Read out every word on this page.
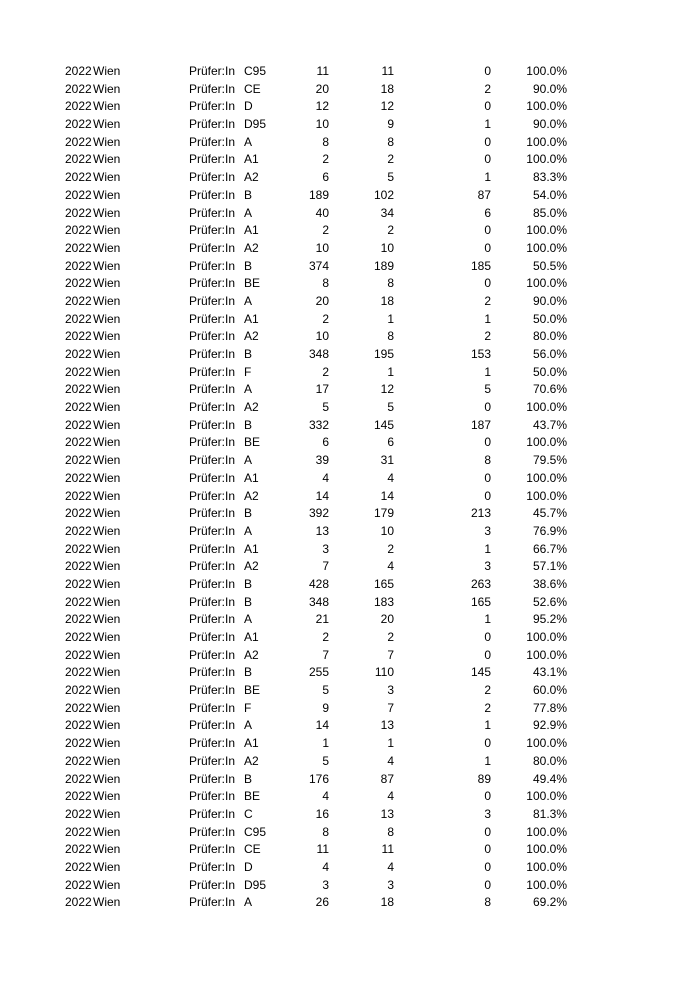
2022 Wien	Prüfer:In C95	11	11	0	100.0%
2022 Wien	Prüfer:In CE	20	18	2	90.0%
2022 Wien	Prüfer:In D	12	12	0	100.0%
2022 Wien	Prüfer:In D95	10	9	1	90.0%
2022 Wien	Prüfer:In A	8	8	0	100.0%
2022 Wien	Prüfer:In A1	2	2	0	100.0%
2022 Wien	Prüfer:In A2	6	5	1	83.3%
2022 Wien	Prüfer:In B	189	102	87	54.0%
2022 Wien	Prüfer:In A	40	34	6	85.0%
2022 Wien	Prüfer:In A1	2	2	0	100.0%
2022 Wien	Prüfer:In A2	10	10	0	100.0%
2022 Wien	Prüfer:In B	374	189	185	50.5%
2022 Wien	Prüfer:In BE	8	8	0	100.0%
2022 Wien	Prüfer:In A	20	18	2	90.0%
2022 Wien	Prüfer:In A1	2	1	1	50.0%
2022 Wien	Prüfer:In A2	10	8	2	80.0%
2022 Wien	Prüfer:In B	348	195	153	56.0%
2022 Wien	Prüfer:In F	2	1	1	50.0%
2022 Wien	Prüfer:In A	17	12	5	70.6%
2022 Wien	Prüfer:In A2	5	5	0	100.0%
2022 Wien	Prüfer:In B	332	145	187	43.7%
2022 Wien	Prüfer:In BE	6	6	0	100.0%
2022 Wien	Prüfer:In A	39	31	8	79.5%
2022 Wien	Prüfer:In A1	4	4	0	100.0%
2022 Wien	Prüfer:In A2	14	14	0	100.0%
2022 Wien	Prüfer:In B	392	179	213	45.7%
2022 Wien	Prüfer:In A	13	10	3	76.9%
2022 Wien	Prüfer:In A1	3	2	1	66.7%
2022 Wien	Prüfer:In A2	7	4	3	57.1%
2022 Wien	Prüfer:In B	428	165	263	38.6%
2022 Wien	Prüfer:In B	348	183	165	52.6%
2022 Wien	Prüfer:In A	21	20	1	95.2%
2022 Wien	Prüfer:In A1	2	2	0	100.0%
2022 Wien	Prüfer:In A2	7	7	0	100.0%
2022 Wien	Prüfer:In B	255	110	145	43.1%
2022 Wien	Prüfer:In BE	5	3	2	60.0%
2022 Wien	Prüfer:In F	9	7	2	77.8%
2022 Wien	Prüfer:In A	14	13	1	92.9%
2022 Wien	Prüfer:In A1	1	1	0	100.0%
2022 Wien	Prüfer:In A2	5	4	1	80.0%
2022 Wien	Prüfer:In B	176	87	89	49.4%
2022 Wien	Prüfer:In BE	4	4	0	100.0%
2022 Wien	Prüfer:In C	16	13	3	81.3%
2022 Wien	Prüfer:In C95	8	8	0	100.0%
2022 Wien	Prüfer:In CE	11	11	0	100.0%
2022 Wien	Prüfer:In D	4	4	0	100.0%
2022 Wien	Prüfer:In D95	3	3	0	100.0%
2022 Wien	Prüfer:In A	26	18	8	69.2%
